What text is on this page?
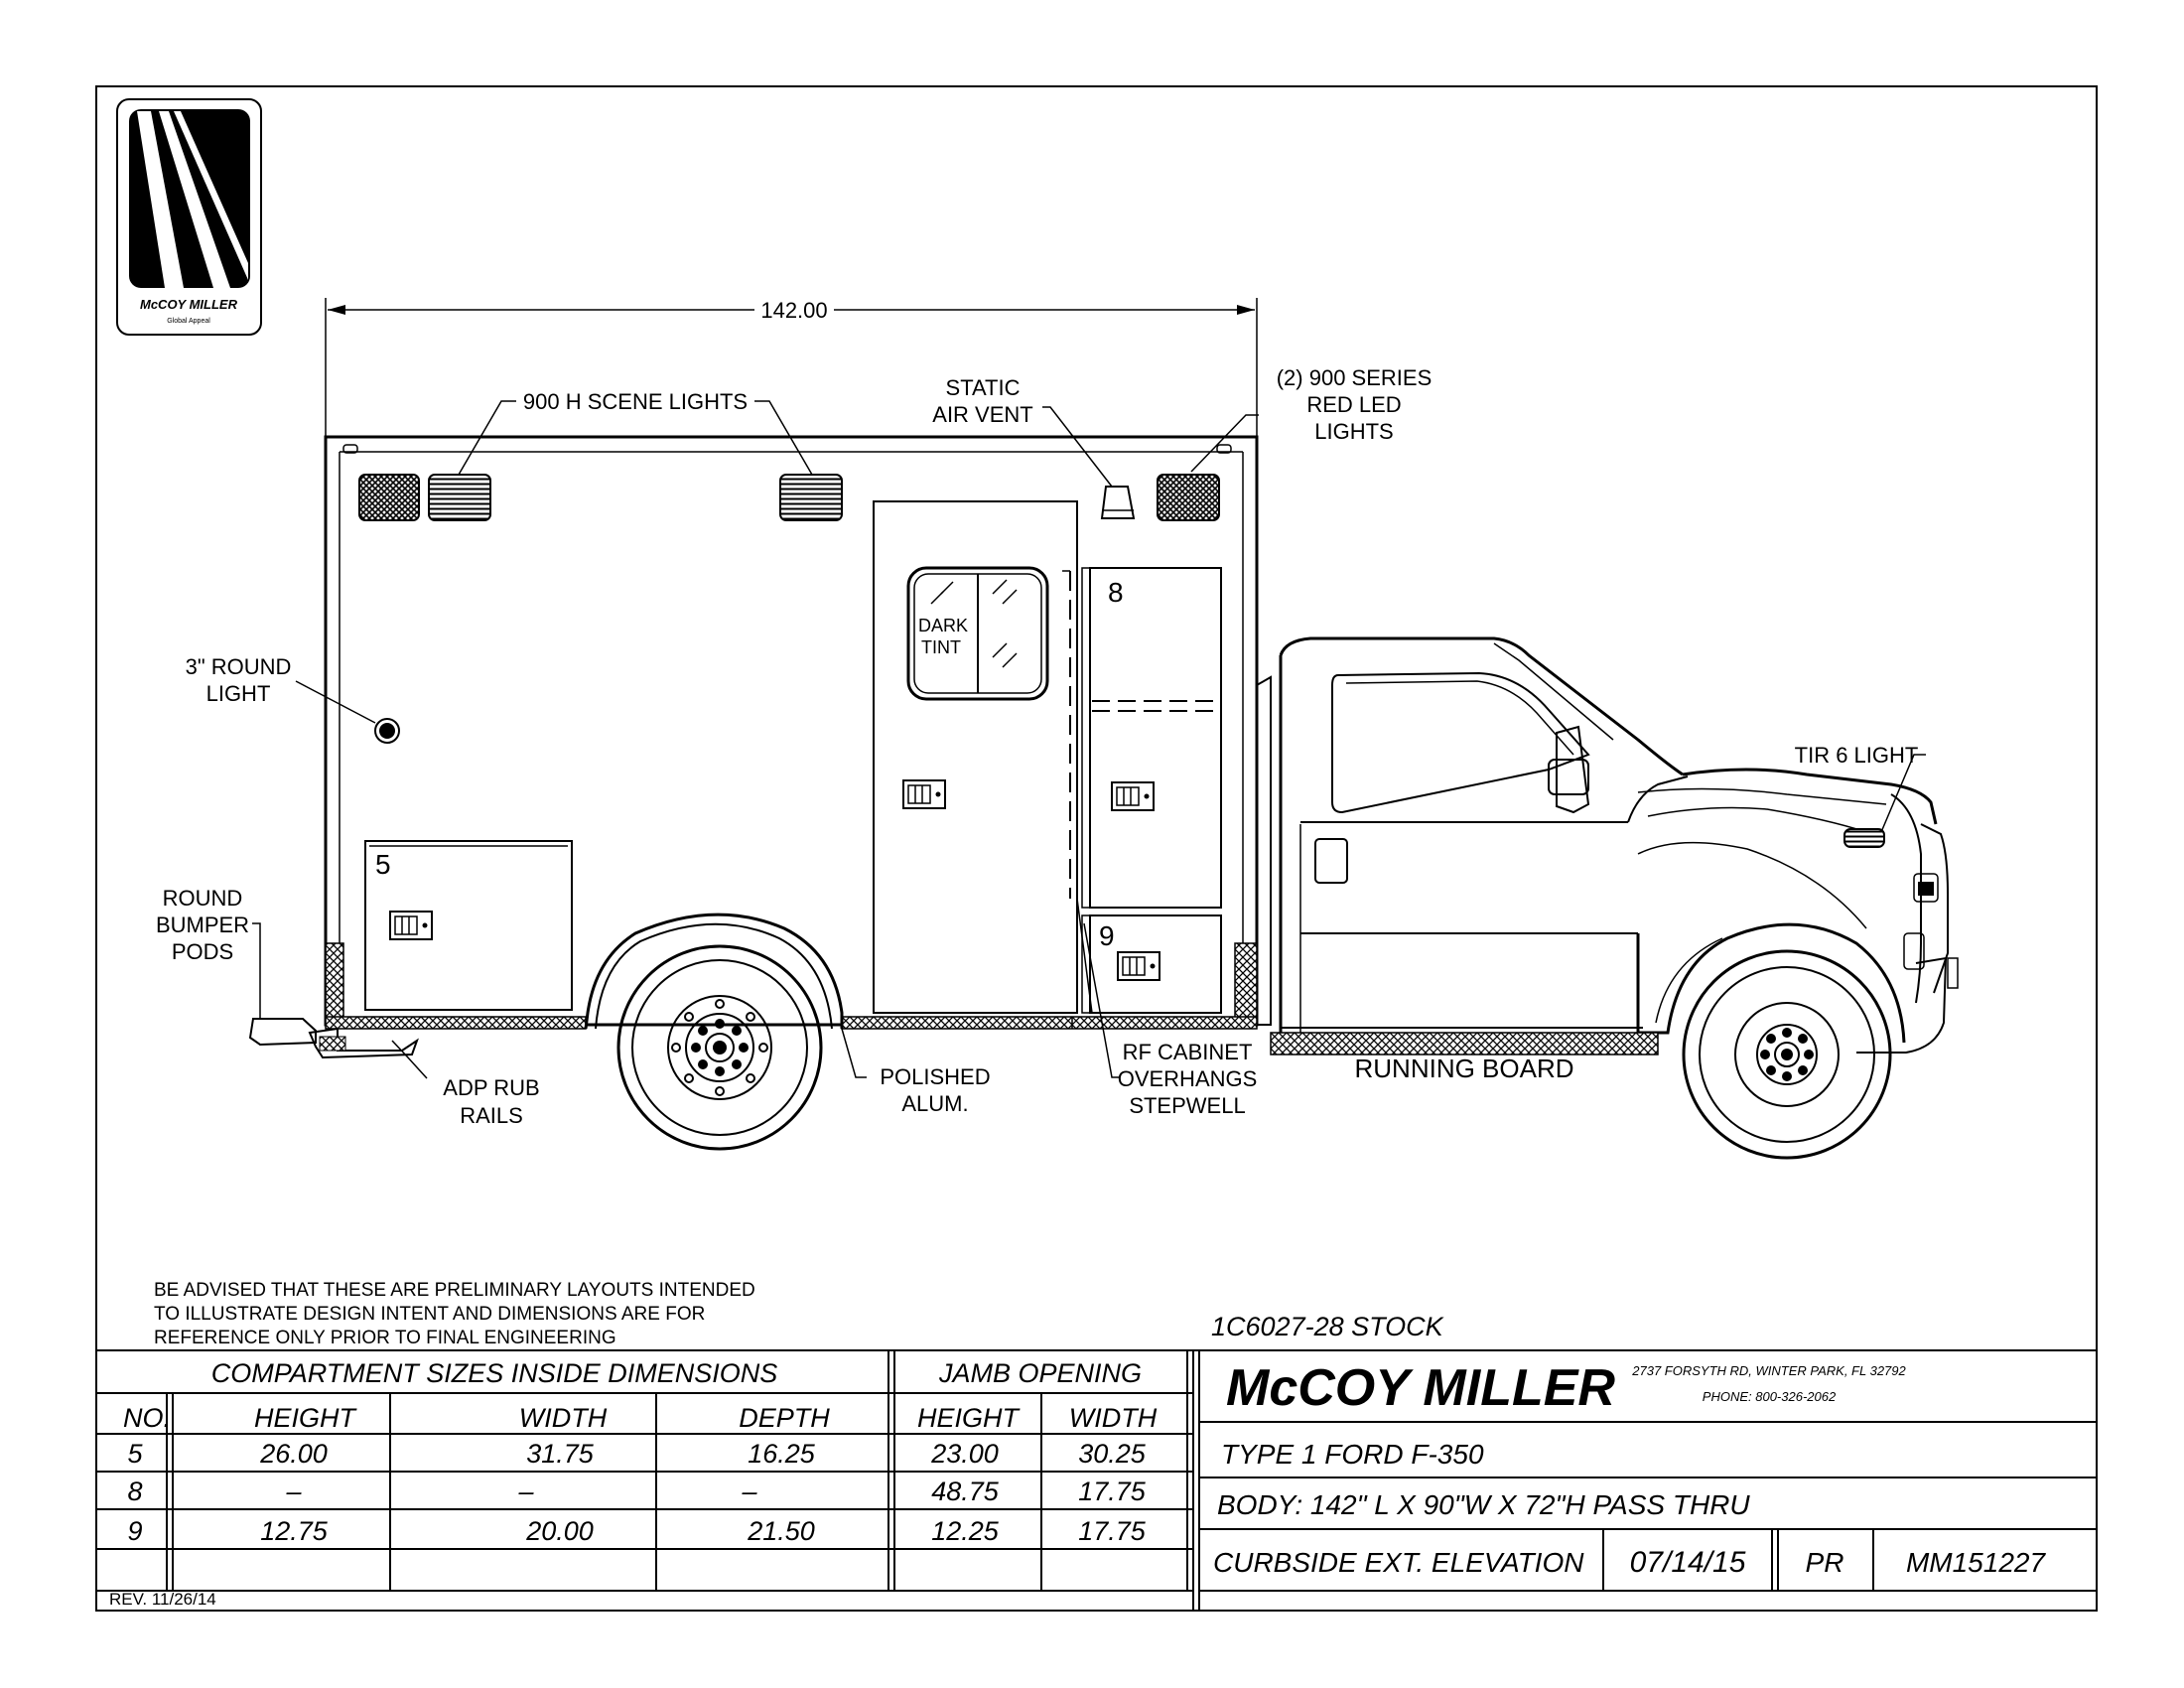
McCOY MILLER
Global Appeal	142.00
5
DARK
TINT
8
9
900 H SCENE LIGHTS
STATIC
AIR VENT
(2) 900 SERIES
RED LED
LIGHTS
3" ROUND
LIGHT
ROUND
BUMPER
PODS
ADP RUB
RAILS
POLISHED
ALUM.
RF CABINET
OVERHANGS
STEPWELL
RUNNING BOARD
TIR 6 LIGHT
BE ADVISED THAT THESE ARE PRELIMINARY LAYOUTS INTENDED
TO ILLUSTRATE DESIGN INTENT AND DIMENSIONS ARE FOR
REFERENCE ONLY PRIOR TO FINAL ENGINEERING	1C6027-28 STOCK
COMPARTMENT SIZES INSIDE DIMENSIONS	JAMB OPENING
NO.	HEIGHT	WIDTH	DEPTH	HEIGHT WIDTH
5	26.00	31.75	16.25	23.00	30.25
8	–	–	–	48.75	17.75
9	12.75	20.00	21.50	12.25	17.75
REV. 11/26/14
McCOY MILLER 2737 FORSYTH RD, WINTER PARK, FL 32792
PHONE: 800-326-2062
TYPE 1 FORD F-350
BODY: 142" L X 90"W X 72"H PASS THRU
CURBSIDE EXT. ELEVATION 07/14/15 PR MM151227
